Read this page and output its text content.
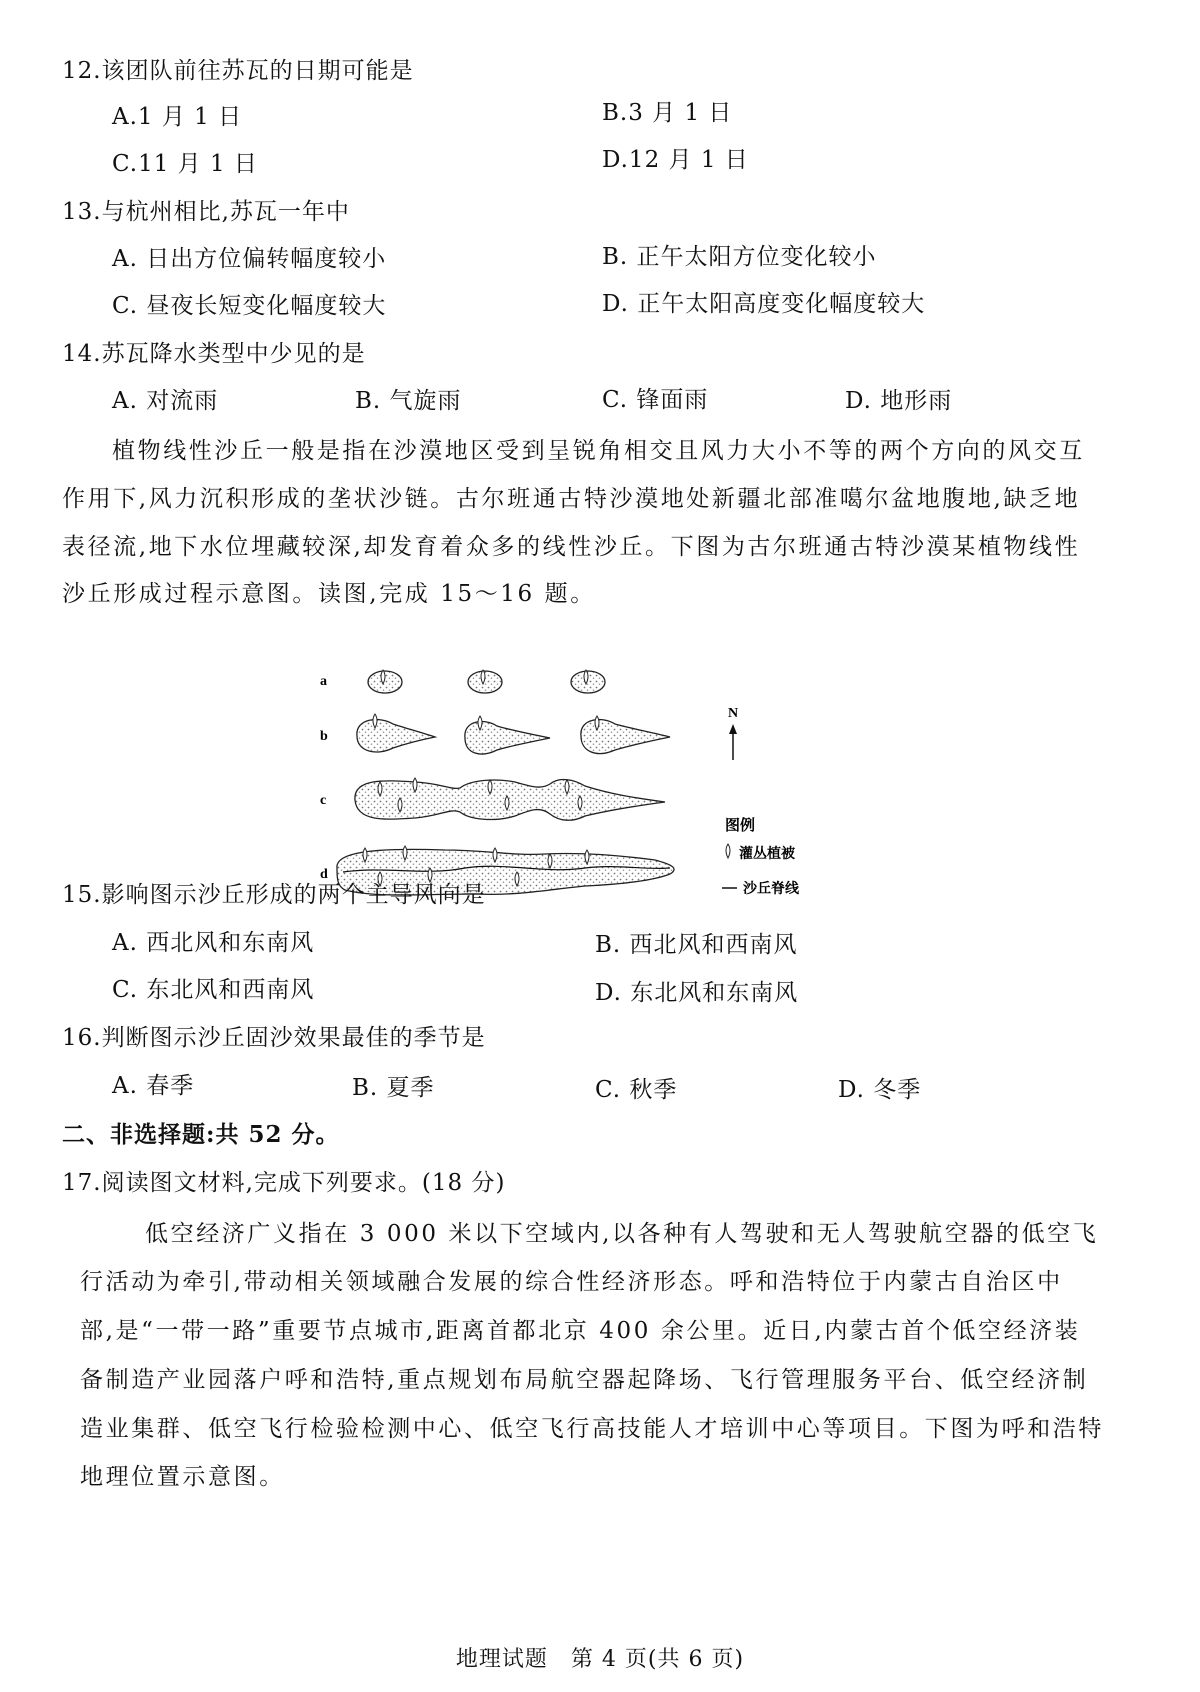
12.该团队前往苏瓦的日期可能是
A.1 月 1 日	B.3 月 1 日
C.11 月 1 日	D.12 月 1 日
13.与杭州相比,苏瓦一年中
A. 日出方位偏转幅度较小	B. 正午太阳方位变化较小
C. 昼夜长短变化幅度较大	D. 正午太阳高度变化幅度较大
14.苏瓦降水类型中少见的是
A. 对流雨	B. 气旋雨	C. 锋面雨	D. 地形雨
植物线性沙丘一般是指在沙漠地区受到呈锐角相交且风力大小不等的两个方向的风交互
作用下,风力沉积形成的垄状沙链。古尔班通古特沙漠地处新疆北部准噶尔盆地腹地,缺乏地
表径流,地下水位埋藏较深,却发育着众多的线性沙丘。下图为古尔班通古特沙漠某植物线性
沙丘形成过程示意图。读图,完成 15～16 题。
a
b
c
d
N
图例
灌丛植被
沙丘脊线
15.影响图示沙丘形成的两个主导风向是
A. 西北风和东南风	B. 西北风和西南风
C. 东北风和西南风	D. 东北风和东南风
16.判断图示沙丘固沙效果最佳的季节是
A. 春季	B. 夏季	C. 秋季	D. 冬季
二、非选择题:共 52 分。
17.阅读图文材料,完成下列要求。(18 分)
低空经济广义指在 3 000 米以下空域内,以各种有人驾驶和无人驾驶航空器的低空飞
行活动为牵引,带动相关领域融合发展的综合性经济形态。呼和浩特位于内蒙古自治区中
部,是“一带一路”重要节点城市,距离首都北京 400 余公里。近日,内蒙古首个低空经济装
备制造产业园落户呼和浩特,重点规划布局航空器起降场、飞行管理服务平台、低空经济制
造业集群、低空飞行检验检测中心、低空飞行高技能人才培训中心等项目。下图为呼和浩特
地理位置示意图。
地理试题　第 4 页(共 6 页)
